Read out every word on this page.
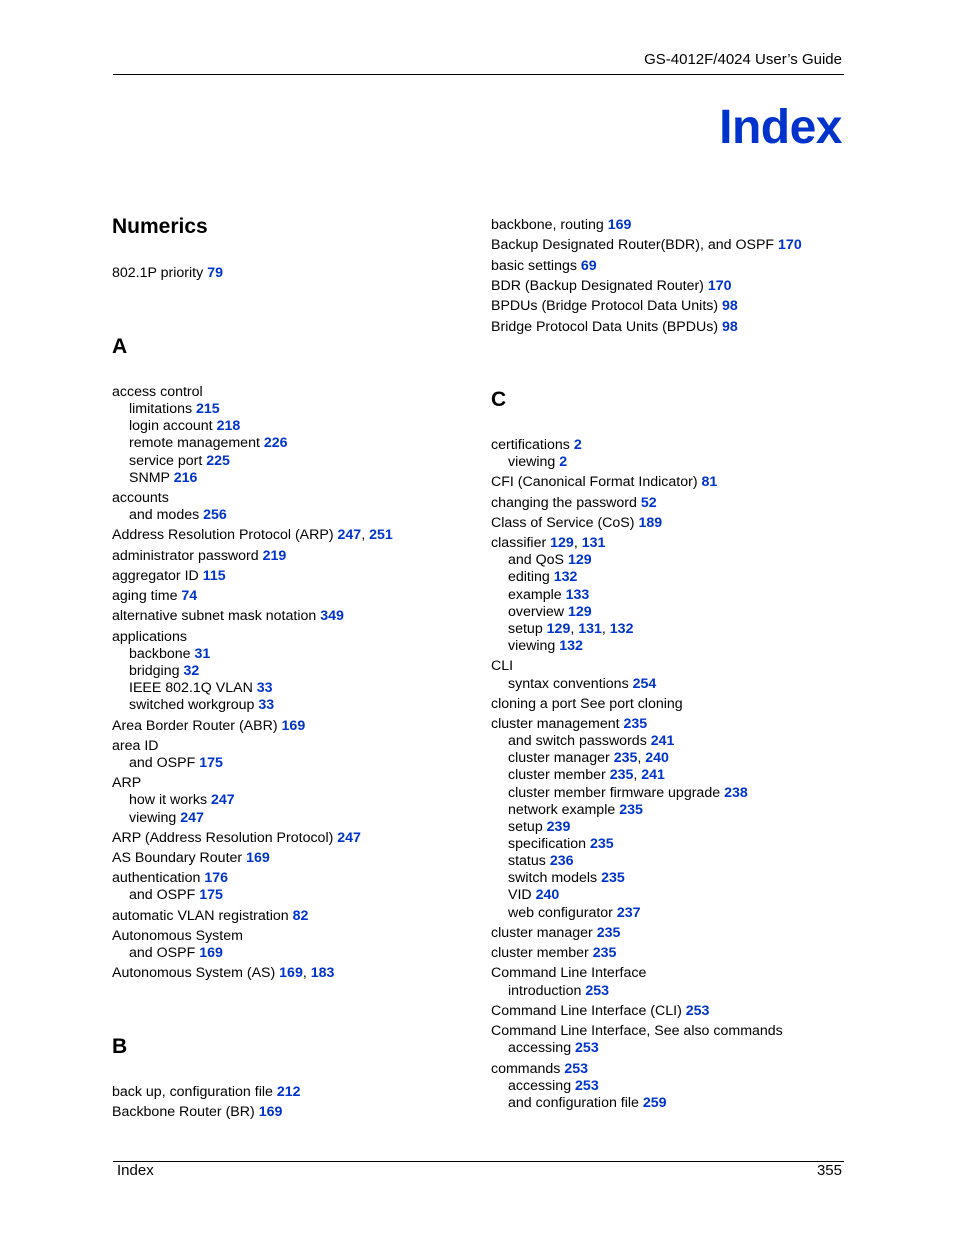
GS-4012F/4024 User’s Guide
Index
Numerics
802.1P priority 79
A
access control
limitations 215
login account 218
remote management 226
service port 225
SNMP 216
accounts
and modes 256
Address Resolution Protocol (ARP) 247, 251
administrator password 219
aggregator ID 115
aging time 74
alternative subnet mask notation 349
applications
backbone 31
bridging 32
IEEE 802.1Q VLAN 33
switched workgroup 33
Area Border Router (ABR) 169
area ID
and OSPF 175
ARP
how it works 247
viewing 247
ARP (Address Resolution Protocol) 247
AS Boundary Router 169
authentication 176
and OSPF 175
automatic VLAN registration 82
Autonomous System
and OSPF 169
Autonomous System (AS) 169, 183
B
back up, configuration file 212
Backbone Router (BR) 169
backbone, routing 169
Backup Designated Router(BDR), and OSPF 170
basic settings 69
BDR (Backup Designated Router) 170
BPDUs (Bridge Protocol Data Units) 98
Bridge Protocol Data Units (BPDUs) 98
C
certifications 2
viewing 2
CFI (Canonical Format Indicator) 81
changing the password 52
Class of Service (CoS) 189
classifier 129, 131
and QoS 129
editing 132
example 133
overview 129
setup 129, 131, 132
viewing 132
CLI
syntax conventions 254
cloning a port See port cloning
cluster management 235
and switch passwords 241
cluster manager 235, 240
cluster member 235, 241
cluster member firmware upgrade 238
network example 235
setup 239
specification 235
status 236
switch models 235
VID 240
web configurator 237
cluster manager 235
cluster member 235
Command Line Interface
introduction 253
Command Line Interface (CLI) 253
Command Line Interface, See also commands
accessing 253
commands 253
accessing 253
and configuration file 259
Index	355
